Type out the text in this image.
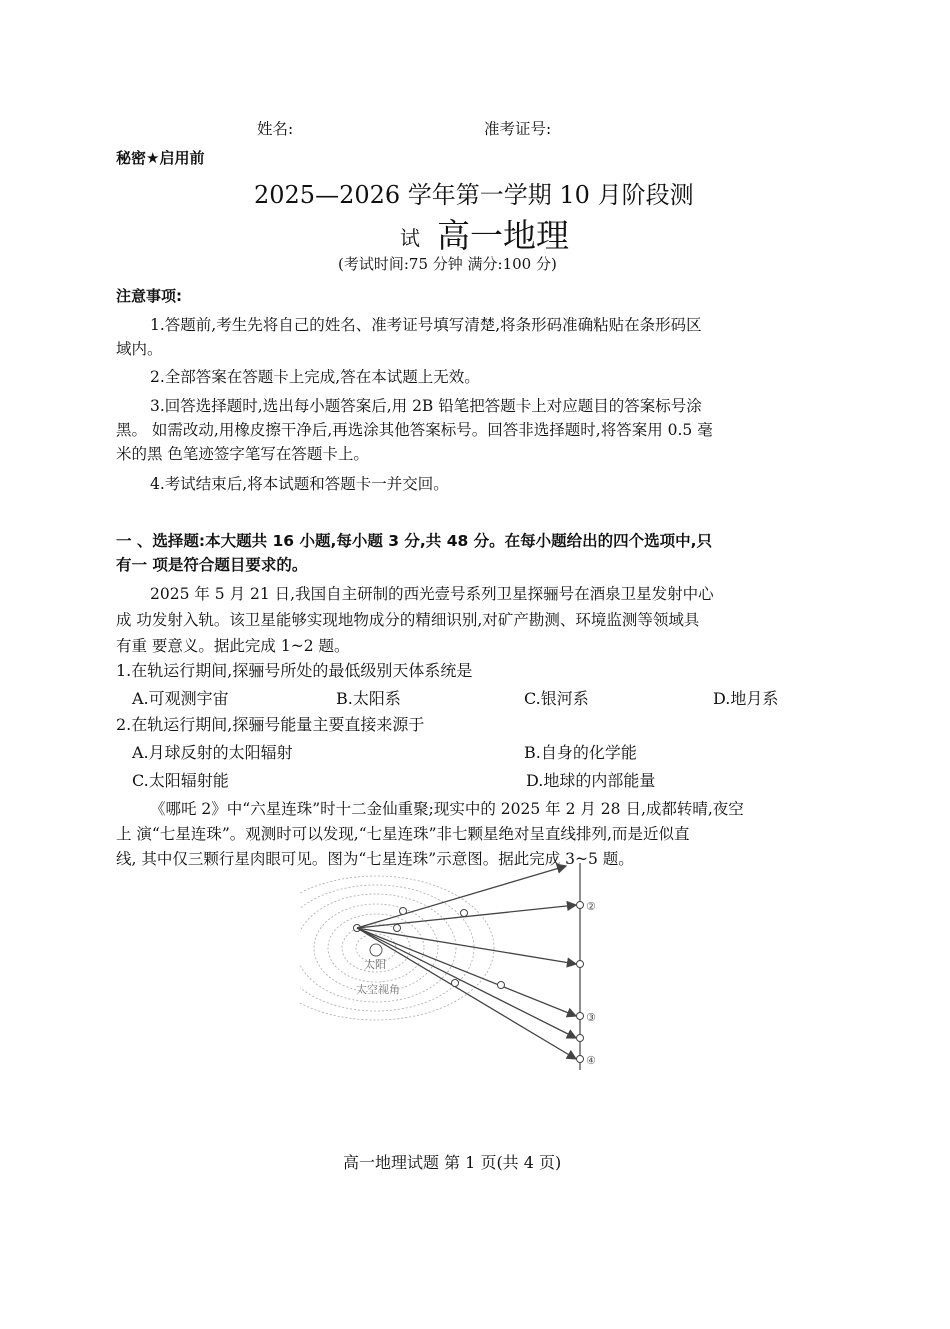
姓名:	准考证号:
秘密★启用前
2025—2026 学年第一学期 10 月阶段测
试 高一地理
(考试时间:75 分钟 满分:100 分)
注意事项:
1.答题前,考生先将自己的姓名、准考证号填写清楚,将条形码准确粘贴在条形码区
域内。
2.全部答案在答题卡上完成,答在本试题上无效。
3.回答选择题时,选出每小题答案后,用 2B 铅笔把答题卡上对应题目的答案标号涂
黑。 如需改动,用橡皮擦干净后,再选涂其他答案标号。回答非选择题时,将答案用 0.5 毫
米的黑 色笔迹签字笔写在答题卡上。
4.考试结束后,将本试题和答题卡一并交回。
一 、选择题:本大题共 16 小题,每小题 3 分,共 48 分。在每小题给出的四个选项中,只
有一 项是符合题目要求的。
2025 年 5 月 21 日,我国自主研制的西光壹号系列卫星探骊号在酒泉卫星发射中心
成 功发射入轨。该卫星能够实现地物成分的精细识别,对矿产勘测、环境监测等领域具
有重 要意义。据此完成 1~2 题。
1.在轨运行期间,探骊号所处的最低级别天体系统是
A.可观测宇宙	B.太阳系	C.银河系	D.地月系
2.在轨运行期间,探骊号能量主要直接来源于
A.月球反射的太阳辐射	B.自身的化学能
C.太阳辐射能	D.地球的内部能量
《哪吒 2》中“六星连珠”时十二金仙重聚;现实中的 2025 年 2 月 28 日,成都转晴,夜空
上 演“七星连珠”。观测时可以发现,“七星连珠”非七颗星绝对呈直线排列,而是近似直
线, 其中仅三颗行星肉眼可见。图为“七星连珠”示意图。据此完成 3~5 题。
太阳
太空视角
②
③
④
高一地理试题 第 1 页(共 4 页)
